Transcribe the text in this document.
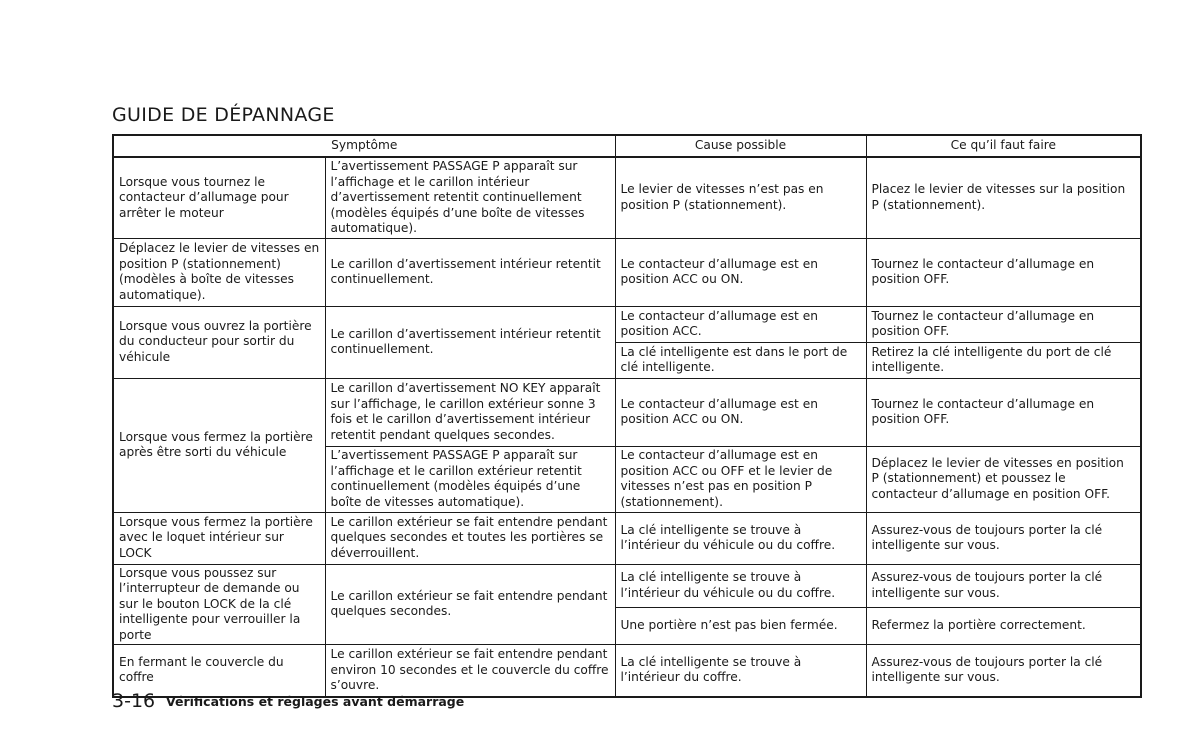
GUIDE DE DÉPANNAGE
Symptôme		Cause possible	Ce qu’il faut faire
Lorsque vous tournez le contacteur d’allumage pour arrêter le moteur	L’avertissement PASSAGE P apparaît sur l’affichage et le carillon intérieur d’avertissement retentit continuellement (modèles équipés d’une boîte de vitesses automatique).	Le levier de vitesses n’est pas en position P (stationnement).	Placez le levier de vitesses sur la position P (stationnement).
Déplacez le levier de vitesses en position P (stationnement) (modèles à boîte de vitesses automatique).	Le carillon d’avertissement intérieur retentit continuellement.	Le contacteur d’allumage est en position ACC ou ON.	Tournez le contacteur d’allumage en position OFF.
Lorsque vous ouvrez la portière du conducteur pour sortir du véhicule	Le carillon d’avertissement intérieur retentit continuellement.	Le contacteur d’allumage est en position ACC.	Tournez le contacteur d’allumage en position OFF.
		La clé intelligente est dans le port de clé intelligente.	Retirez la clé intelligente du port de clé intelligente.
Lorsque vous fermez la portière après être sorti du véhicule	Le carillon d’avertissement NO KEY apparaît sur l’affichage, le carillon extérieur sonne 3 fois et le carillon d’avertissement intérieur retentit pendant quelques secondes.	Le contacteur d’allumage est en position ACC ou ON.	Tournez le contacteur d’allumage en position OFF.
	L’avertissement PASSAGE P apparaît sur l’affichage et le carillon extérieur retentit continuellement (modèles équipés d’une boîte de vitesses automatique).	Le contacteur d’allumage est en position ACC ou OFF et le levier de vitesses n’est pas en position P (stationnement).	Déplacez le levier de vitesses en position P (stationnement) et poussez le contacteur d’allumage en position OFF.
Lorsque vous fermez la portière avec le loquet intérieur sur LOCK	Le carillon extérieur se fait entendre pendant quelques secondes et toutes les portières se déverrouillent.	La clé intelligente se trouve à l’intérieur du véhicule ou du coffre.	Assurez-vous de toujours porter la clé intelligente sur vous.
Lorsque vous poussez sur l’interrupteur de demande ou sur le bouton LOCK de la clé intelligente pour verrouiller la porte	Le carillon extérieur se fait entendre pendant quelques secondes.	La clé intelligente se trouve à l’intérieur du véhicule ou du coffre.	Assurez-vous de toujours porter la clé intelligente sur vous.
		Une portière n’est pas bien fermée.	Refermez la portière correctement.
En fermant le couvercle du coffre	Le carillon extérieur se fait entendre pendant environ 10 secondes et le couvercle du coffre s’ouvre.	La clé intelligente se trouve à l’intérieur du coffre.	Assurez-vous de toujours porter la clé intelligente sur vous.
3-16 Vérifications et réglages avant démarrage
